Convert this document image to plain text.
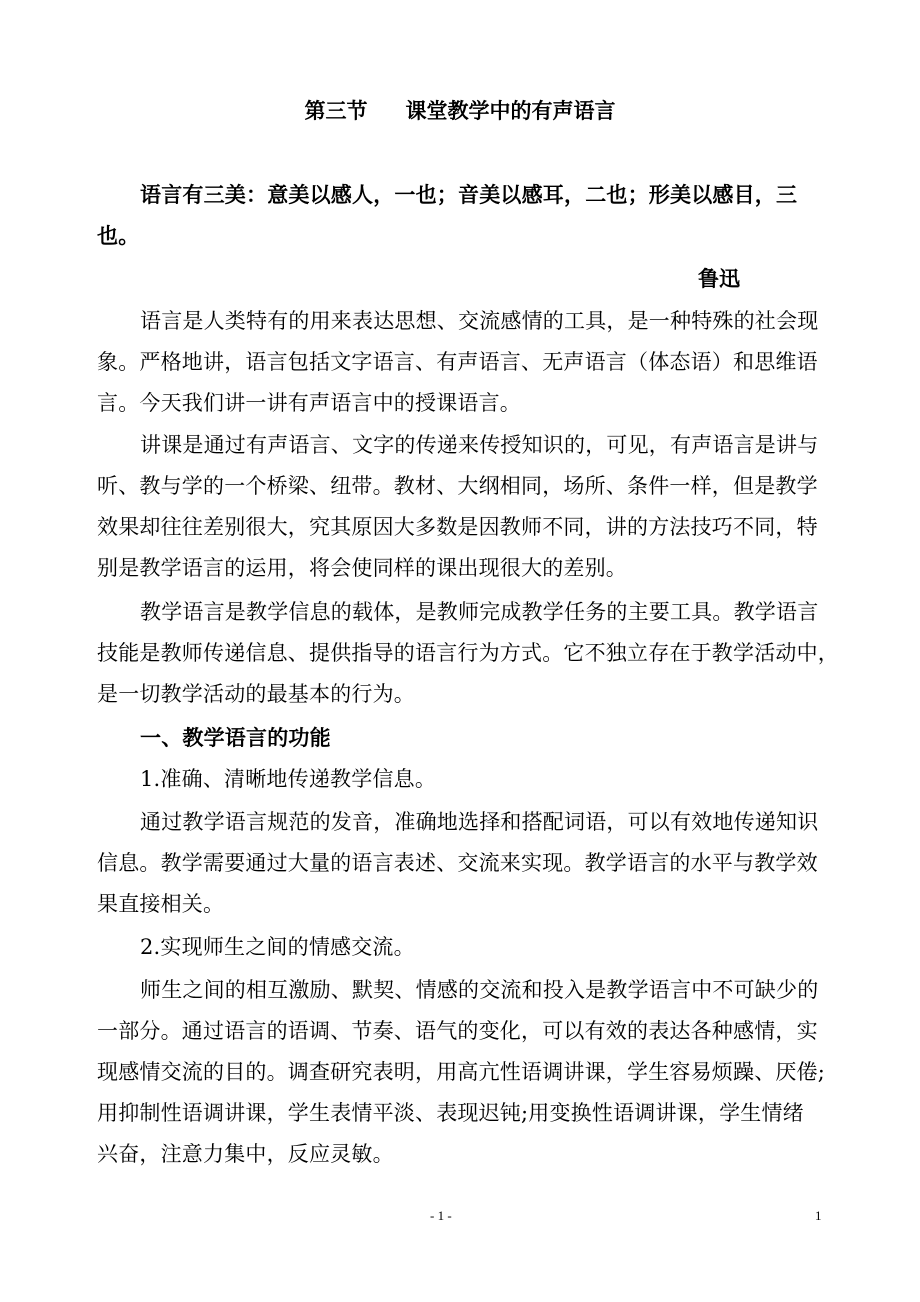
第三节 课堂教学中的有声语言
语言有三美：意美以感人，一也；音美以感耳，二也；形美以感目，三
也。
鲁迅
语言是人类特有的用来表达思想、交流感情的工具，是一种特殊的社会现
象。严格地讲，语言包括文字语言、有声语言、无声语言（体态语）和思维语
言。今天我们讲一讲有声语言中的授课语言。
讲课是通过有声语言、文字的传递来传授知识的，可见，有声语言是讲与
听、教与学的一个桥梁、纽带。教材、大纲相同，场所、条件一样，但是教学
效果却往往差别很大，究其原因大多数是因教师不同，讲的方法技巧不同，特
别是教学语言的运用，将会使同样的课出现很大的差别。
教学语言是教学信息的载体，是教师完成教学任务的主要工具。教学语言
技能是教师传递信息、提供指导的语言行为方式。它不独立存在于教学活动中，
是一切教学活动的最基本的行为。
一、教学语言的功能
1.准确、清晰地传递教学信息。
通过教学语言规范的发音，准确地选择和搭配词语，可以有效地传递知识
信息。教学需要通过大量的语言表述、交流来实现。教学语言的水平与教学效
果直接相关。
2.实现师生之间的情感交流。
师生之间的相互激励、默契、情感的交流和投入是教学语言中不可缺少的
一部分。通过语言的语调、节奏、语气的变化，可以有效的表达各种感情，实
现感情交流的目的。调查研究表明，用高亢性语调讲课，学生容易烦躁、厌倦;
用抑制性语调讲课，学生表情平淡、表现迟钝;用变换性语调讲课，学生情绪
兴奋，注意力集中，反应灵敏。
- 1 -	1
